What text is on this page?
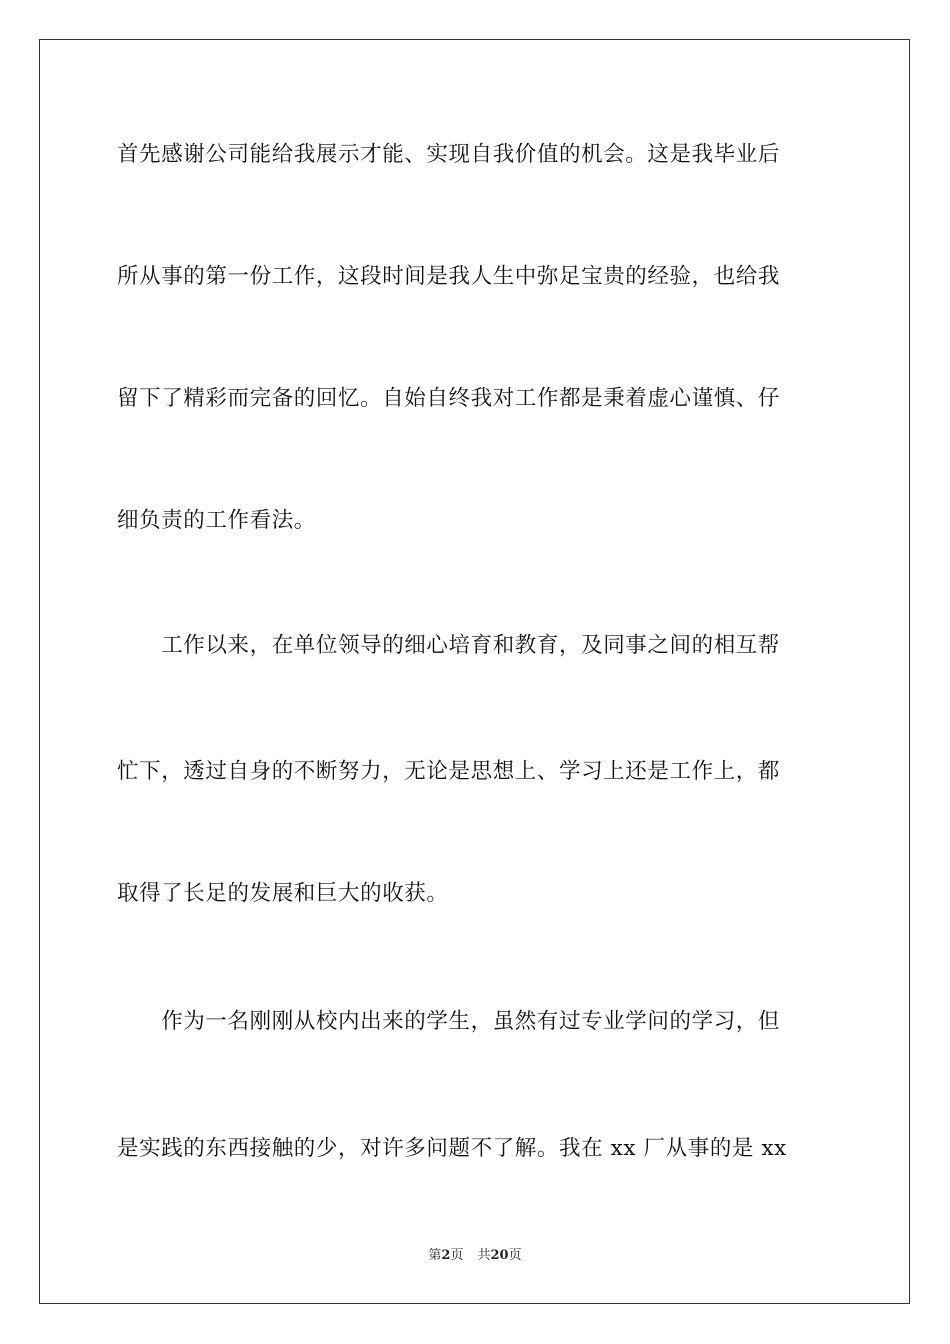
首先感谢公司能给我展示才能、实现自我价值的机会。这是我毕业后
所从事的第一份工作，这段时间是我人生中弥足宝贵的经验，也给我
留下了精彩而完备的回忆。自始自终我对工作都是秉着虚心谨慎、仔
细负责的工作看法。
　　工作以来，在单位领导的细心培育和教育，及同事之间的相互帮
忙下，透过自身的不断努力，无论是思想上、学习上还是工作上，都
取得了长足的发展和巨大的收获。
　　作为一名刚刚从校内出来的学生，虽然有过专业学问的学习，但
是实践的东西接触的少，对许多问题不了解。我在 xx 厂从事的是 xx
第2页 共20页
